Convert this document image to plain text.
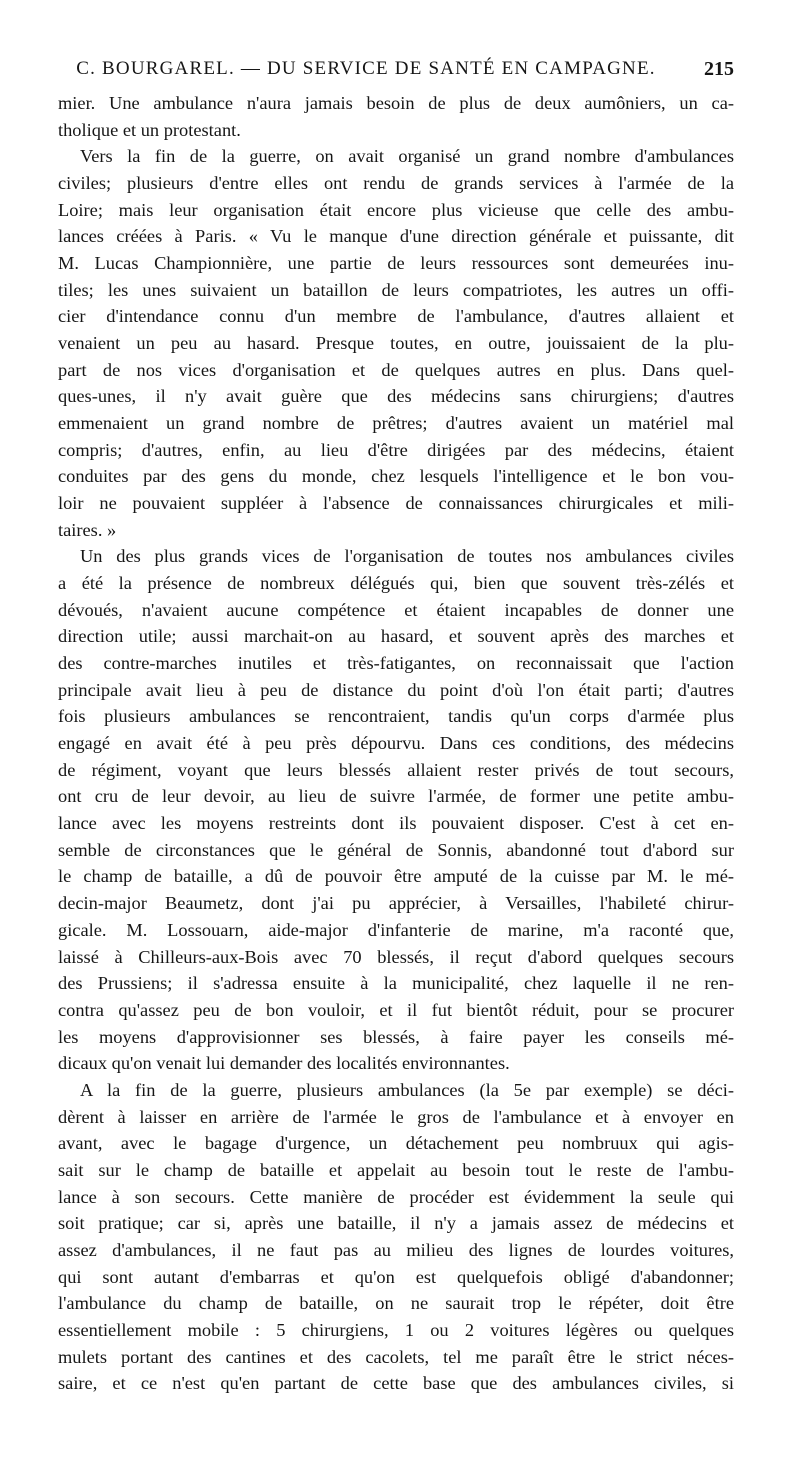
C. BOURGAREL. — DU SERVICE DE SANTÉ EN CAMPAGNE.	215
mier. Une ambulance n'aura jamais besoin de plus de deux aumôniers, un ca-
tholique et un protestant.
Vers la fin de la guerre, on avait organisé un grand nombre d'ambulances
civiles; plusieurs d'entre elles ont rendu de grands services à l'armée de la
Loire; mais leur organisation était encore plus vicieuse que celle des ambu-
lances créées à Paris. « Vu le manque d'une direction générale et puissante, dit
M. Lucas Championnière, une partie de leurs ressources sont demeurées inu-
tiles; les unes suivaient un bataillon de leurs compatriotes, les autres un offi-
cier d'intendance connu d'un membre de l'ambulance, d'autres allaient et
venaient un peu au hasard. Presque toutes, en outre, jouissaient de la plu-
part de nos vices d'organisation et de quelques autres en plus. Dans quel-
ques-unes, il n'y avait guère que des médecins sans chirurgiens; d'autres
emmenaient un grand nombre de prêtres; d'autres avaient un matériel mal
compris; d'autres, enfin, au lieu d'être dirigées par des médecins, étaient
conduites par des gens du monde, chez lesquels l'intelligence et le bon vou-
loir ne pouvaient suppléer à l'absence de connaissances chirurgicales et mili-
taires. »
Un des plus grands vices de l'organisation de toutes nos ambulances civiles
a été la présence de nombreux délégués qui, bien que souvent très-zélés et
dévoués, n'avaient aucune compétence et étaient incapables de donner une
direction utile; aussi marchait-on au hasard, et souvent après des marches et
des contre-marches inutiles et très-fatigantes, on reconnaissait que l'action
principale avait lieu à peu de distance du point d'où l'on était parti; d'autres
fois plusieurs ambulances se rencontraient, tandis qu'un corps d'armée plus
engagé en avait été à peu près dépourvu. Dans ces conditions, des médecins
de régiment, voyant que leurs blessés allaient rester privés de tout secours,
ont cru de leur devoir, au lieu de suivre l'armée, de former une petite ambu-
lance avec les moyens restreints dont ils pouvaient disposer. C'est à cet en-
semble de circonstances que le général de Sonnis, abandonné tout d'abord sur
le champ de bataille, a dû de pouvoir être amputé de la cuisse par M. le mé-
decin-major Beaumetz, dont j'ai pu apprécier, à Versailles, l'habileté chirur-
gicale. M. Lossouarn, aide-major d'infanterie de marine, m'a raconté que,
laissé à Chilleurs-aux-Bois avec 70 blessés, il reçut d'abord quelques secours
des Prussiens; il s'adressa ensuite à la municipalité, chez laquelle il ne ren-
contra qu'assez peu de bon vouloir, et il fut bientôt réduit, pour se procurer
les moyens d'approvisionner ses blessés, à faire payer les conseils mé-
dicaux qu'on venait lui demander des localités environnantes.
A la fin de la guerre, plusieurs ambulances (la 5e par exemple) se déci-
dèrent à laisser en arrière de l'armée le gros de l'ambulance et à envoyer en
avant, avec le bagage d'urgence, un détachement peu nombruux qui agis-
sait sur le champ de bataille et appelait au besoin tout le reste de l'ambu-
lance à son secours. Cette manière de procéder est évidemment la seule qui
soit pratique; car si, après une bataille, il n'y a jamais assez de médecins et
assez d'ambulances, il ne faut pas au milieu des lignes de lourdes voitures,
qui sont autant d'embarras et qu'on est quelquefois obligé d'abandonner;
l'ambulance du champ de bataille, on ne saurait trop le répéter, doit être
essentiellement mobile : 5 chirurgiens, 1 ou 2 voitures légères ou quelques
mulets portant des cantines et des cacolets, tel me paraît être le strict néces-
saire, et ce n'est qu'en partant de cette base que des ambulances civiles, si
